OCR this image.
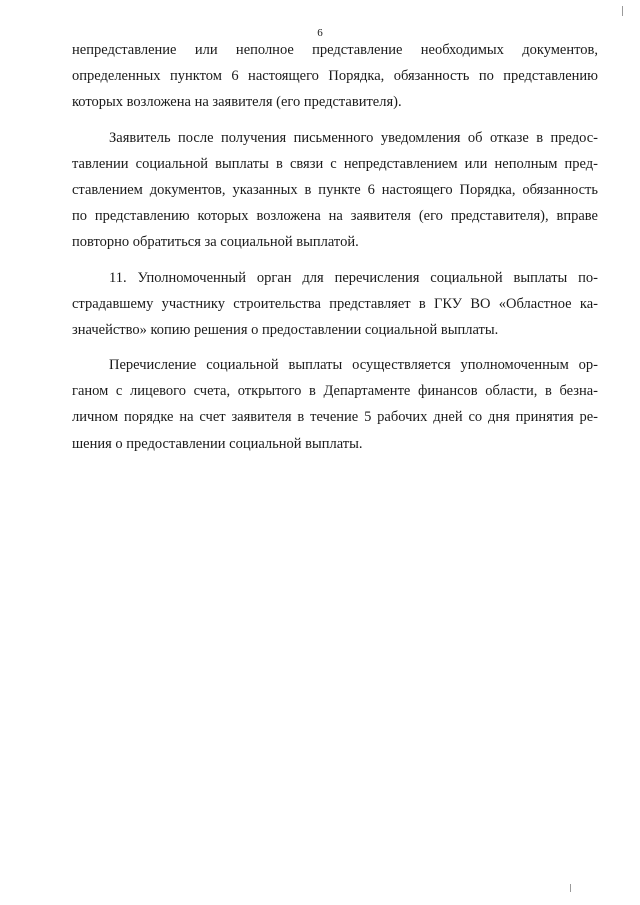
6
непредставление или неполное представление необходимых документов,
определенных пунктом 6 настоящего Порядка, обязанность по представлению
которых возложена на заявителя (его представителя).
Заявитель после получения письменного уведомления об отказе в предос-
тавлении социальной выплаты в связи с непредставлением или неполным пред-
ставлением документов, указанных в пункте 6 настоящего Порядка, обязанность
по представлению которых возложена на заявителя (его представителя), вправе
повторно обратиться за социальной выплатой.
11. Уполномоченный орган для перечисления социальной выплаты по-
страдавшему участнику строительства представляет в ГКУ ВО «Областное ка-
значейство» копию решения о предоставлении социальной выплаты.
Перечисление социальной выплаты осуществляется уполномоченным ор-
ганом с лицевого счета, открытого в Департаменте финансов области, в безна-
личном порядке на счет заявителя в течение 5 рабочих дней со дня принятия ре-
шения о предоставлении социальной выплаты.
